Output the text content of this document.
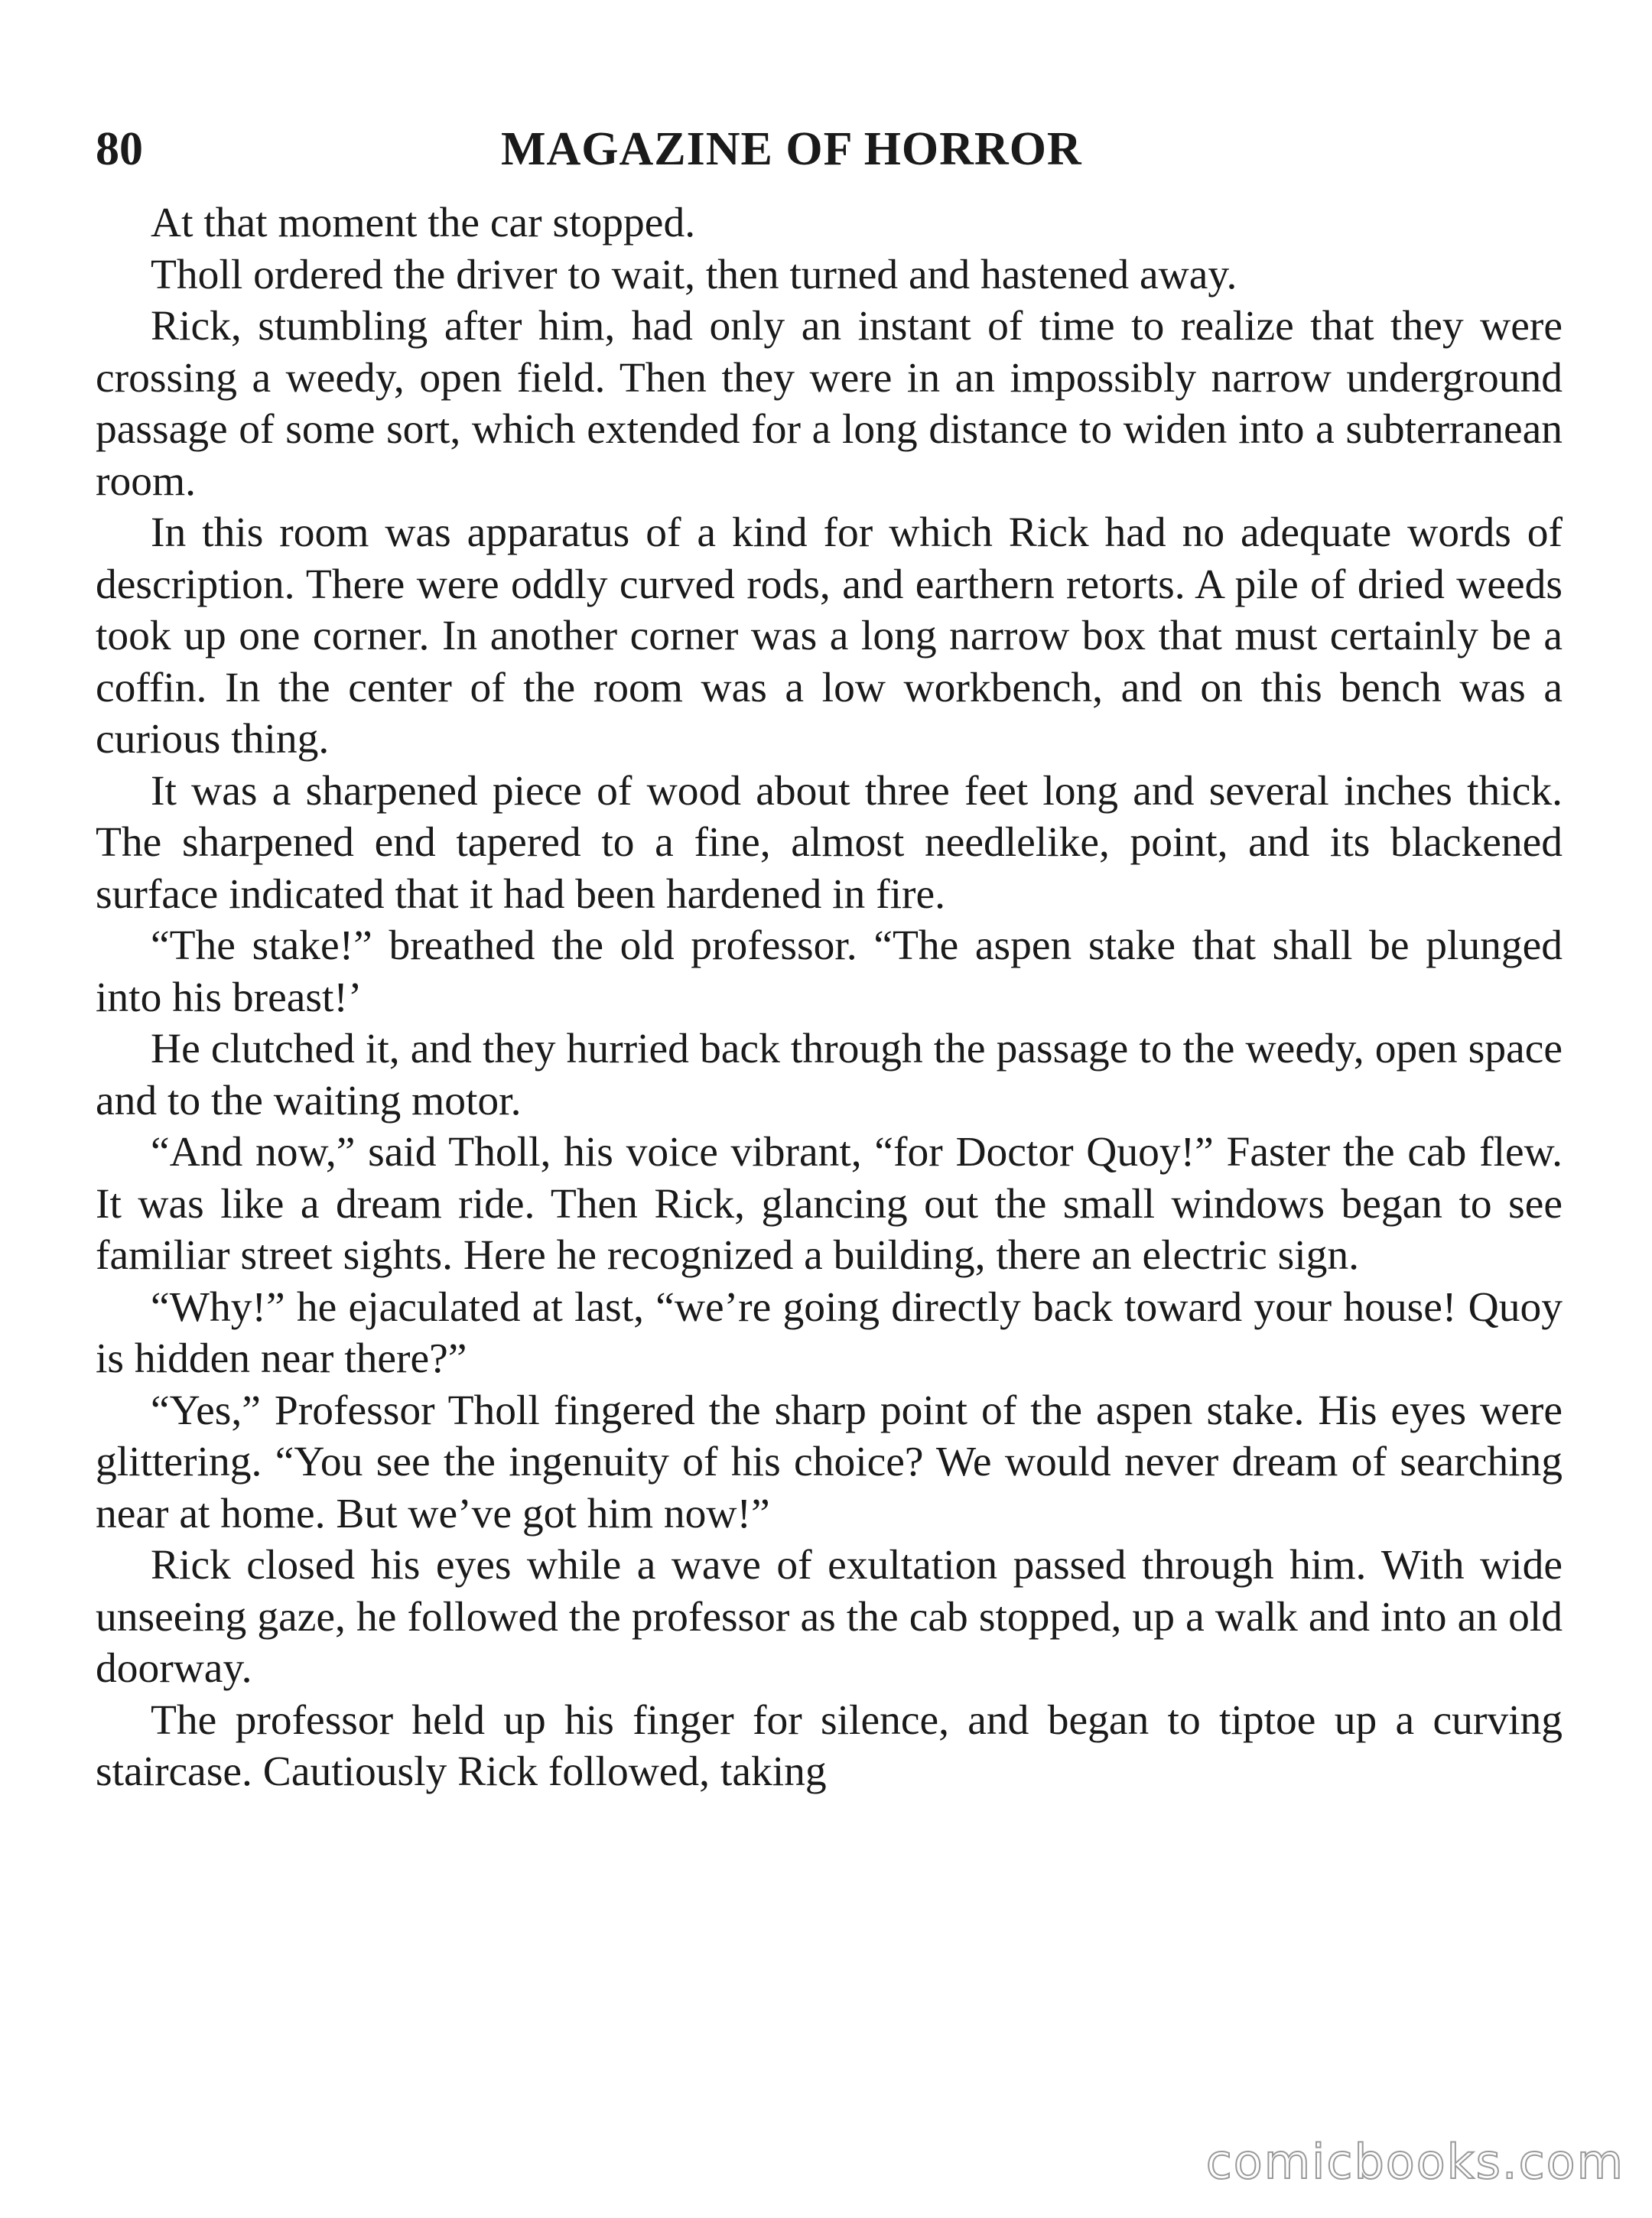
80	MAGAZINE OF HORROR

At that moment the car stopped.

Tholl ordered the driver to wait, then turned and hastened away.

Rick, stumbling after him, had only an instant of time to realize that they were crossing a weedy, open field. Then they were in an impossibly narrow underground passage of some sort, which extended for a long distance to widen into a subterranean room.

In this room was apparatus of a kind for which Rick had no adequate words of description. There were oddly curved rods, and earthern retorts. A pile of dried weeds took up one corner. In another corner was a long narrow box that must certainly be a coffin. In the center of the room was a low workbench, and on this bench was a curious thing.

It was a sharpened piece of wood about three feet long and several inches thick. The sharpened end tapered to a fine, almost needlelike, point, and its blackened surface indicated that it had been hardened in fire.

“The stake!” breathed the old professor. “The aspen stake that shall be plunged into his breast!’

He clutched it, and they hurried back through the passage to the weedy, open space and to the waiting motor.

“And now,” said Tholl, his voice vibrant, “for Doctor Quoy!” Faster the cab flew. It was like a dream ride. Then Rick, glancing out the small windows began to see familiar street sights. Here he recognized a building, there an electric sign.

“Why!” he ejaculated at last, “we’re going directly back toward your house! Quoy is hidden near there?”

“Yes,” Professor Tholl fingered the sharp point of the aspen stake. His eyes were glittering. “You see the ingenuity of his choice? We would never dream of searching near at home. But we’ve got him now!”

Rick closed his eyes while a wave of exultation passed through him. With wide unseeing gaze, he followed the professor as the cab stopped, up a walk and into an old doorway.

The professor held up his finger for silence, and began to tiptoe up a curving staircase. Cautiously Rick followed, taking

comicbooks.com
